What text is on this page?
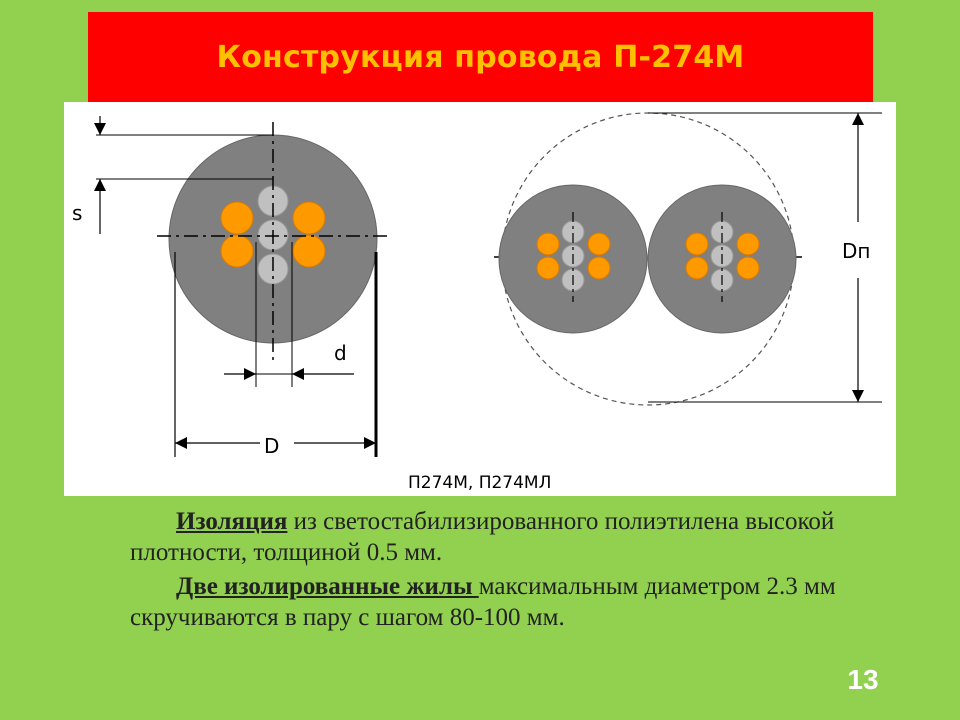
Конструкция провода П-274М
s
d
D
Dп
П274М, П274МЛ

Изоляция из светостабилизированного полиэтилена высокой плотности, толщиной 0.5 мм.

Две изолированные жилы максимальным диаметром 2.3 мм скручиваются в пару с шагом 80-100 мм.

13
